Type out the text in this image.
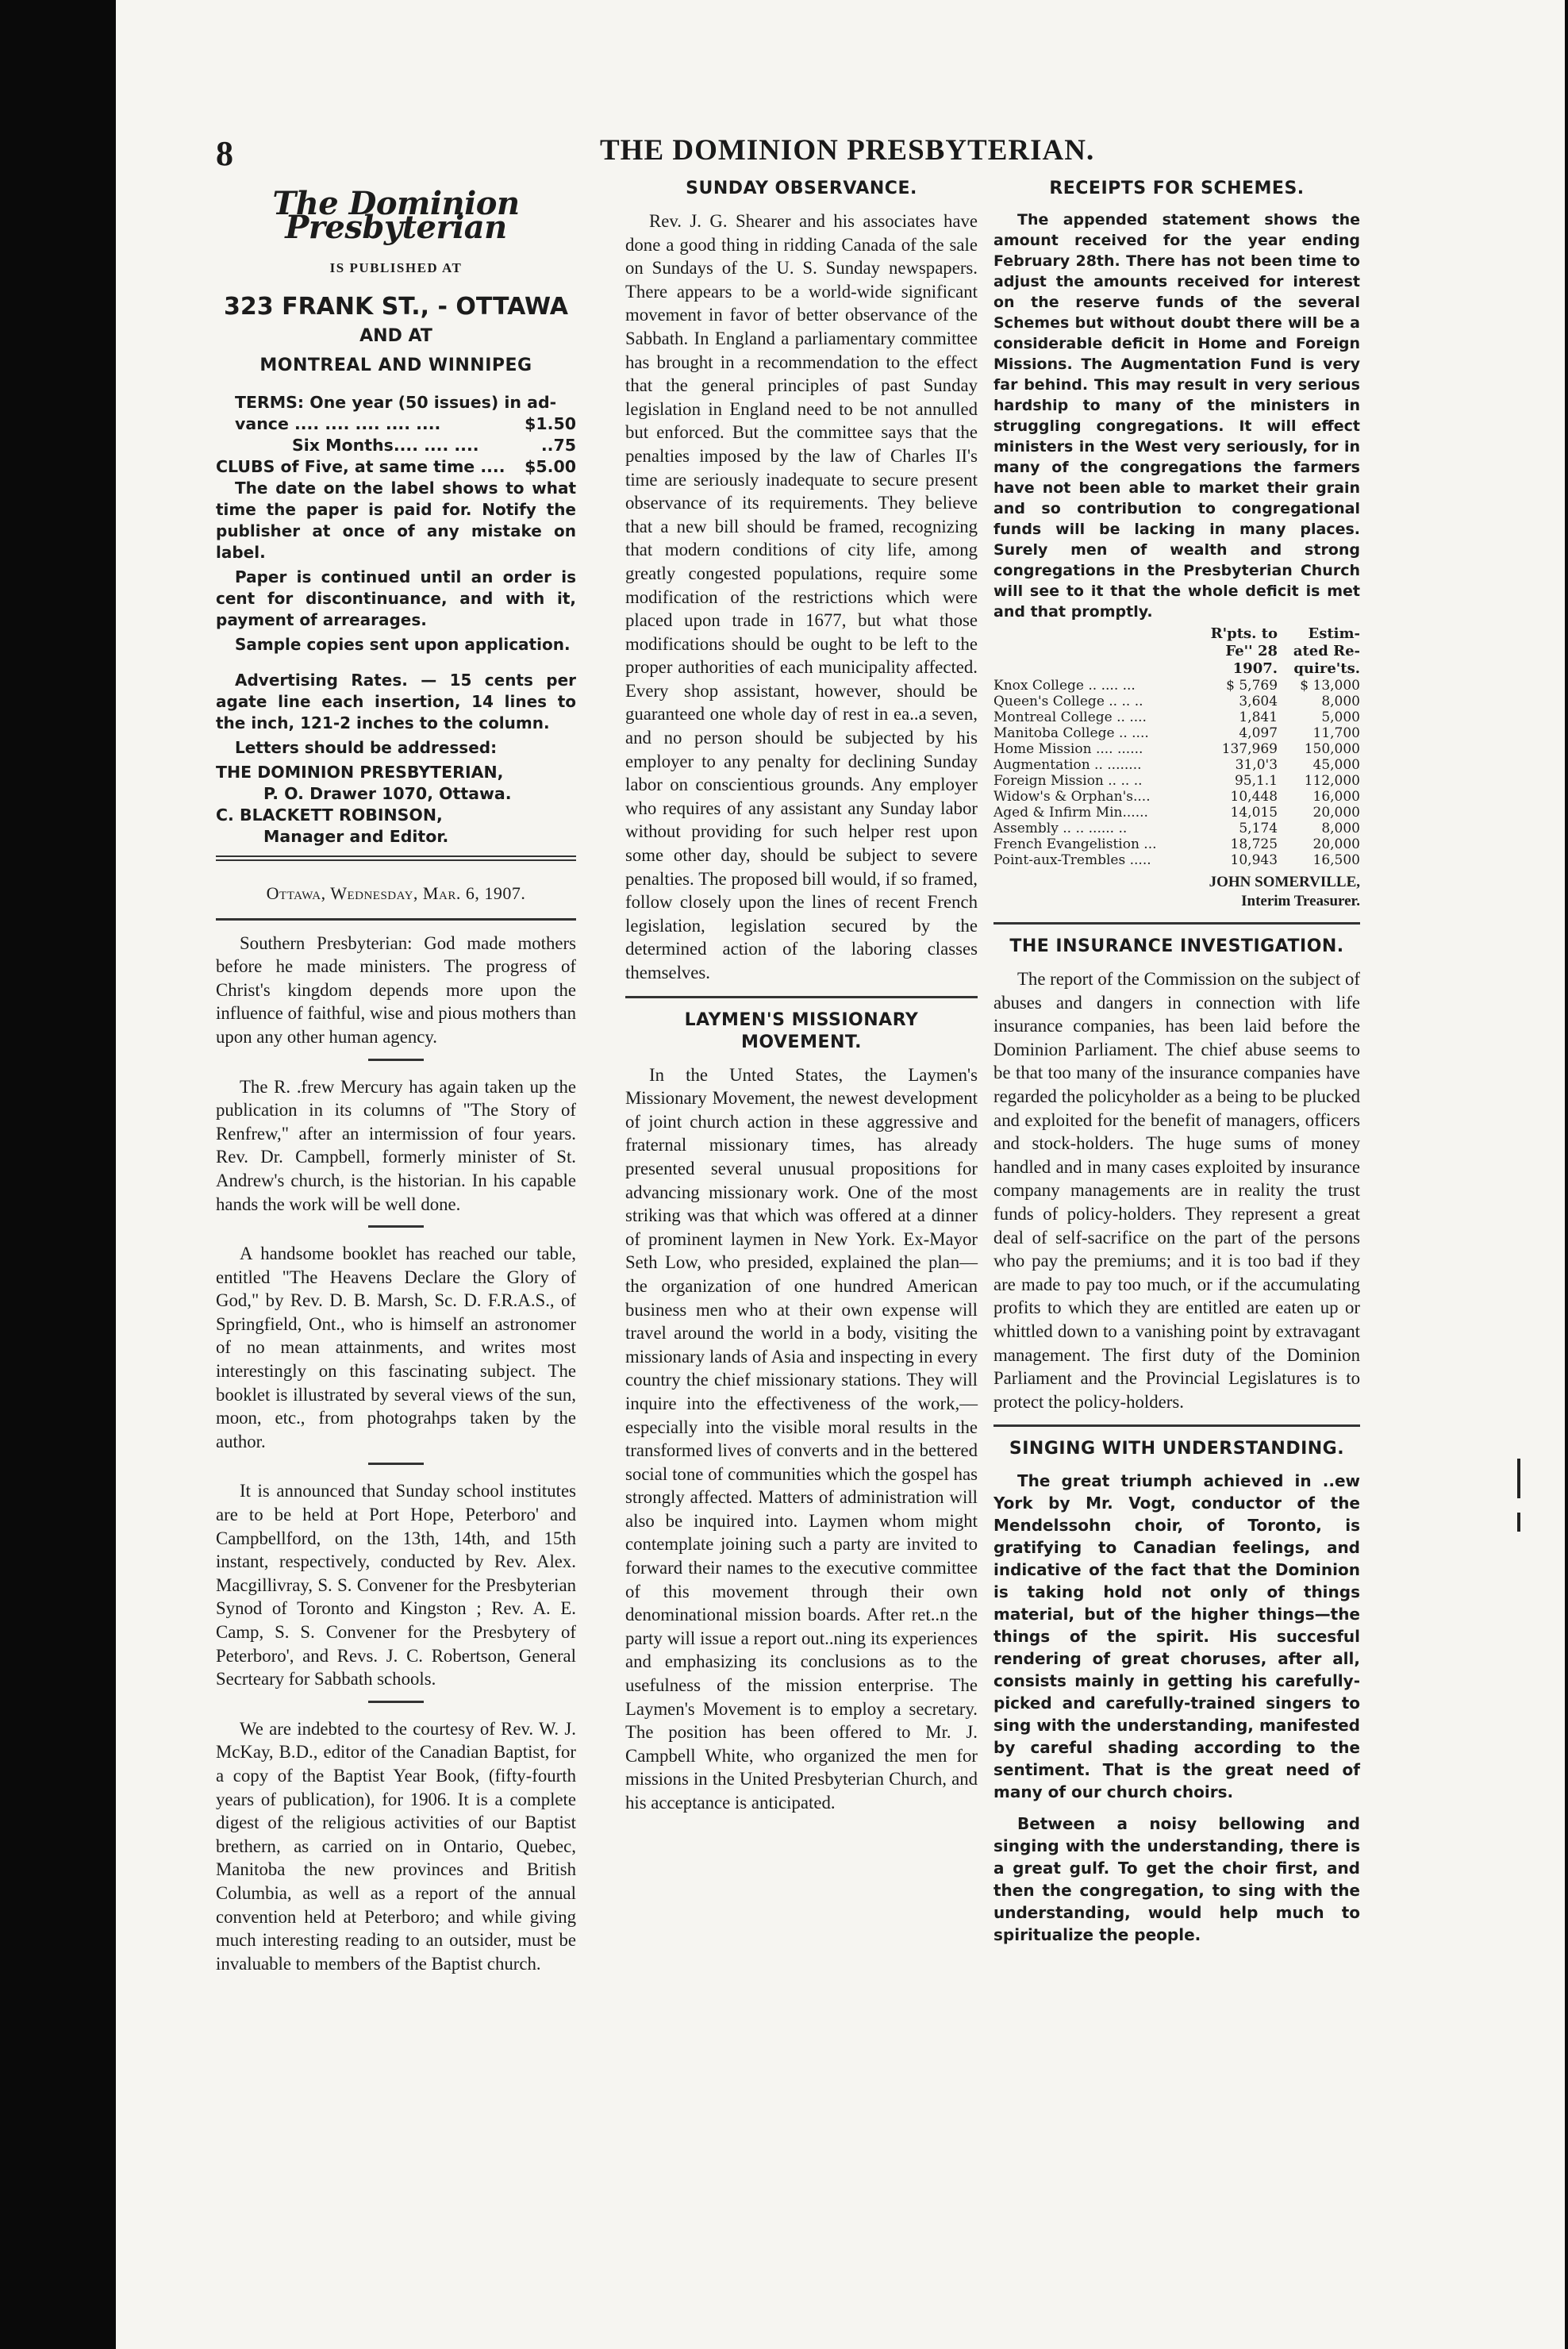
8	THE DOMINION PRESBYTERIAN.
The Dominion Presbyterian
IS PUBLISHED AT
323 FRANK ST., - OTTAWA
AND AT
MONTREAL AND WINNIPEG
TERMS: One year (50 issues) in ad-
vance .... .... .... .... ....	$1.50
Six Months.... .... ....	..75
CLUBS of Five, at same time ....	$5.00

The date on the label shows to what time the paper is paid for. Notify the publisher at once of any mistake on label.

Paper is continued until an order is cent for discontinuance, and with it, payment of arrearages.

Sample copies sent upon application.

Advertising Rates. — 15 cents per agate line each insertion, 14 lines to the inch, 121-2 inches to the column.

Letters should be addressed:

THE DOMINION PRESBYTERIAN,
P. O. Drawer 1070, Ottawa.
C. BLACKETT ROBINSON,
Manager and Editor.
Ottawa, Wednesday, Mar. 6, 1907.

Southern Presbyterian: God made mothers before he made ministers. The progress of Christ's kingdom depends more upon the influence of faithful, wise and pious mothers than upon any other human agency.

The R. .frew Mercury has again taken up the publication in its columns of "The Story of Renfrew," after an intermission of four years. Rev. Dr. Campbell, formerly minister of St. Andrew's church, is the historian. In his capable hands the work will be well done.

A handsome booklet has reached our table, entitled "The Heavens Declare the Glory of God," by Rev. D. B. Marsh, Sc. D. F.R.A.S., of Springfield, Ont., who is himself an astronomer of no mean attainments, and writes most interestingly on this fascinating subject. The booklet is illustrated by several views of the sun, moon, etc., from photograhps taken by the author.

It is announced that Sunday school institutes are to be held at Port Hope, Peterboro' and Campbellford, on the 13th, 14th, and 15th instant, respectively, conducted by Rev. Alex. Macgillivray, S. S. Convener for the Presbyterian Synod of Toronto and Kingston ; Rev. A. E. Camp, S. S. Convener for the Presbytery of Peterboro', and Revs. J. C. Robertson, General Secrteary for Sabbath schools.

We are indebted to the courtesy of Rev. W. J. McKay, B.D., editor of the Canadian Baptist, for a copy of the Baptist Year Book, (fifty-fourth years of publication), for 1906. It is a complete digest of the religious activities of our Baptist brethern, as carried on in Ontario, Quebec, Manitoba the new provinces and British Columbia, as well as a report of the annual convention held at Peterboro; and while giving much interesting reading to an outsider, must be invaluable to members of the Baptist church.

SUNDAY OBSERVANCE.

Rev. J. G. Shearer and his associates have done a good thing in ridding Canada of the sale on Sundays of the U. S. Sunday newspapers. There appears to be a world-wide significant movement in favor of better observance of the Sabbath. In England a parliamentary committee has brought in a recommendation to the effect that the general principles of past Sunday legislation in England need to be not annulled but enforced. But the committee says that the penalties imposed by the law of Charles II's time are seriously inadequate to secure present observance of its requirements. They believe that a new bill should be framed, recognizing that modern conditions of city life, among greatly congested populations, require some modification of the restrictions which were placed upon trade in 1677, but what those modifications should be ought to be left to the proper authorities of each municipality affected. Every shop assistant, however, should be guaranteed one whole day of rest in ea..a seven, and no person should be subjected by his employer to any penalty for declining Sunday labor on conscientious grounds. Any employer who requires of any assistant any Sunday labor without providing for such helper rest upon some other day, should be subject to severe penalties. The proposed bill would, if so framed, follow closely upon the lines of recent French legislation, legislation secured by the determined action of the laboring classes themselves.

LAYMEN'S MISSIONARY MOVEMENT.

In the Unted States, the Laymen's Missionary Movement, the newest development of joint church action in these aggressive and fraternal missionary times, has already presented several unusual propositions for advancing missionary work. One of the most striking was that which was offered at a dinner of prominent laymen in New York. Ex-Mayor Seth Low, who presided, explained the plan—the organization of one hundred American business men who at their own expense will travel around the world in a body, visiting the missionary lands of Asia and inspecting in every country the chief missionary stations. They will inquire into the effectiveness of the work,—especially into the visible moral results in the transformed lives of converts and in the bettered social tone of communities which the gospel has strongly affected. Matters of administration will also be inquired into. Laymen whom might contemplate joining such a party are invited to forward their names to the executive committee of this movement through their own denominational mission boards. After ret..n the party will issue a report out..ning its experiences and emphasizing its conclusions as to the usefulness of the mission enterprise. The Laymen's Movement is to employ a secretary. The position has been offered to Mr. J. Campbell White, who organized the men for missions in the United Presbyterian Church, and his acceptance is anticipated.

RECEIPTS FOR SCHEMES.

The appended statement shows the amount received for the year ending February 28th. There has not been time to adjust the amounts received for interest on the reserve funds of the several Schemes but without doubt there will be a considerable deficit in Home and Foreign Missions. The Augmentation Fund is very far behind. This may result in very serious hardship to many of the ministers in struggling congregations. It will effect ministers in the West very seriously, for in many of the congregations the farmers have not been able to market their grain and so contribution to congregational funds will be lacking in many places. Surely men of wealth and strong congregations in the Presbyterian Church will see to it that the whole deficit is met and that promptly.

	R'pts. to	Estim-
	Fe'' 28	ated Re-
	1907.	quire'ts.
Knox College .. .... ...	$ 5,769	$ 13,000
Queen's College .. .. ..	3,604	8,000
Montreal College .. ....	1,841	5,000
Manitoba College .. ....	4,097	11,700
Home Mission .... ......	137,969	150,000
Augmentation .. ........	31,0'3	45,000
Foreign Mission .. .. ..	95,1.1	112,000
Widow's & Orphan's....	10,448	16,000
Aged & Infirm Min......	14,015	20,000
Assembly .. .. ...... ..	5,174	8,000
French Evangelistion ...	18,725	20,000
Point-aux-Trembles .....	10,943	16,500
JOHN SOMERVILLE,
Interim Treasurer.
THE INSURANCE INVESTIGATION.

The report of the Commission on the subject of abuses and dangers in connection with life insurance companies, has been laid before the Dominion Parliament. The chief abuse seems to be that too many of the insurance companies have regarded the policyholder as a being to be plucked and exploited for the benefit of managers, officers and stock-holders. The huge sums of money handled and in many cases exploited by insurance company managements are in reality the trust funds of policy-holders. They represent a great deal of self-sacrifice on the part of the persons who pay the premiums; and it is too bad if they are made to pay too much, or if the accumulating profits to which they are entitled are eaten up or whittled down to a vanishing point by extravagant management. The first duty of the Dominion Parliament and the Provincial Legislatures is to protect the policy-holders.

SINGING WITH UNDERSTANDING.

The great triumph achieved in ..ew York by Mr. Vogt, conductor of the Mendelssohn choir, of Toronto, is gratifying to Canadian feelings, and indicative of the fact that the Dominion is taking hold not only of things material, but of the higher things—the things of the spirit. His succesful rendering of great choruses, after all, consists mainly in getting his carefully-picked and carefully-trained singers to sing with the understanding, manifested by careful shading according to the sentiment. That is the great need of many of our church choirs.

Between a noisy bellowing and singing with the understanding, there is a great gulf. To get the choir first, and then the congregation, to sing with the understanding, would help much to spiritualize the people.
